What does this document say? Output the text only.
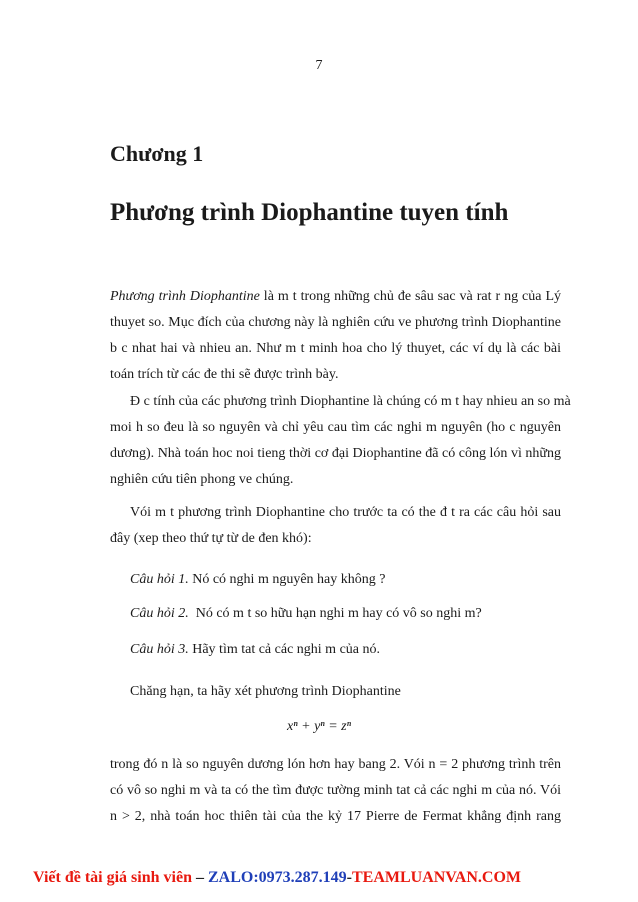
7
Chương 1
Phương trình Diophantine tuyen tính
Phương trình Diophantine là m t trong những chủ đe sâu sac và rat r ng của Lý
thuyet so. Mục đích của chương này là nghiên cứu ve phương trình Diophantine
b c nhat hai và nhieu an. Như m t minh hoa cho lý thuyet, các ví dụ là các bài
toán trích từ các đe thi sẽ được trình bày.
Đ c tính của các phương trình Diophantine là chúng có m t hay nhieu an so mà
moi h so đeu là so nguyên và chỉ yêu cau tìm các nghi m nguyên (ho c nguyên
dương). Nhà toán hoc noi tieng thời cơ đại Diophantine đã có công lón vì những
nghiên cứu tiên phong ve chúng.
Vói m t phương trình Diophantine cho trước ta có the đ t ra các câu hỏi sau
đây (xep theo thứ tự từ de đen khó):
Câu hỏi 1. Nó có nghi m nguyên hay không ?
Câu hỏi 2.  Nó có m t so hữu hạn nghi m hay có vô so nghi m?
Câu hỏi 3. Hãy tìm tat cả các nghi m của nó.
Chăng hạn, ta hãy xét phương trình Diophantine
xⁿ + yⁿ = zⁿ
trong đó n là so nguyên dương lón hơn hay bang 2. Vói n = 2 phương trình trên
có vô so nghi m và ta có the tìm được tường minh tat cả các nghi m của nó. Vói
n > 2, nhà toán hoc thiên tài của the kỷ 17 Pierre de Fermat khẳng định rang
Viết đề tài giá sinh viên – ZALO:0973.287.149-TEAMLUANVAN.COM
